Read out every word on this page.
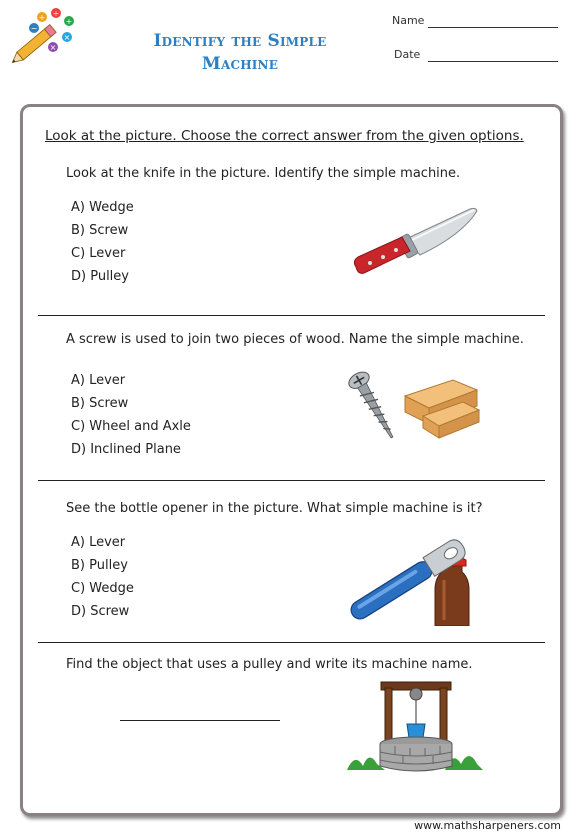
+ ÷
+
−
×
×	Identify the Simple
Machine
Name
Date
Look at the picture. Choose the correct answer from the given options.
Look at the knife in the picture. Identify the simple machine.
A) Wedge
B) Screw
C) Lever
D) Pulley
A screw is used to join two pieces of wood. Name the simple machine.
A) Lever
B) Screw
C) Wheel and Axle
D) Inclined Plane
See the bottle opener in the picture. What simple machine is it?
A) Lever
B) Pulley
C) Wedge
D) Screw
Find the object that uses a pulley and write its machine name.
www.mathsharpeners.com
